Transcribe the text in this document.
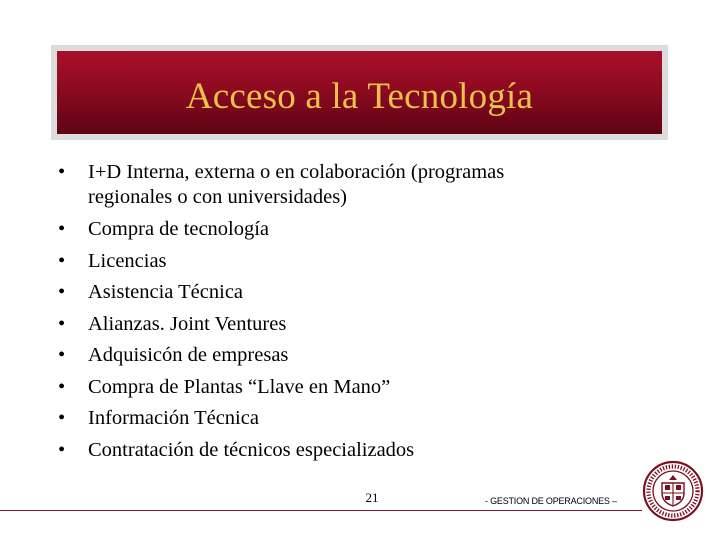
Acceso a la Tecnología
• I+D Interna, externa o en colaboración (programas
regionales o con universidades)
• Compra de tecnología
• Licencias
• Asistencia Técnica
• Alianzas. Joint Ventures
• Adquisicón de empresas
• Compra de Plantas “Llave en Mano”
• Información Técnica
• Contratación de técnicos especializados
21	- GESTION DE OPERACIONES –
